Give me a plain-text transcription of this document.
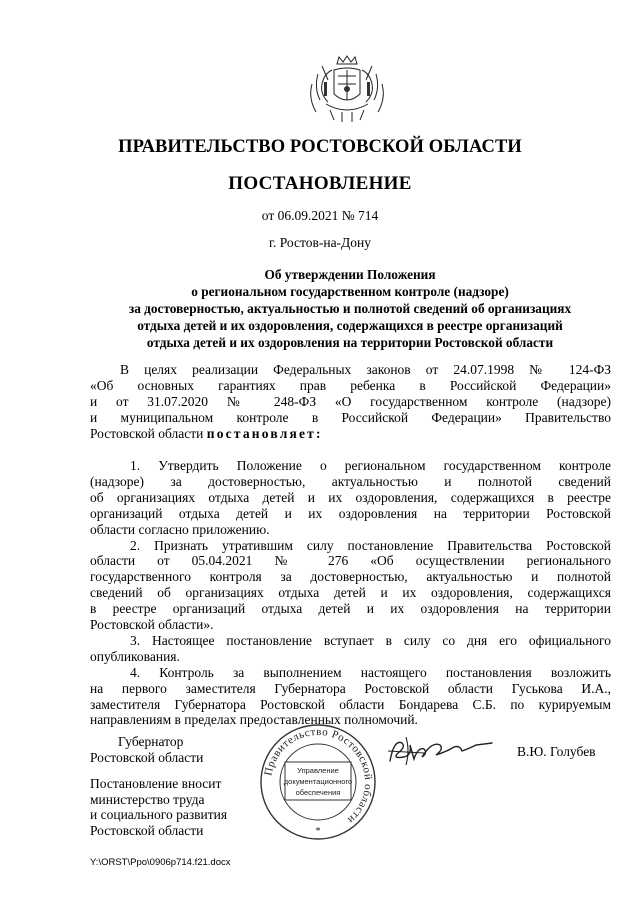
ПРАВИТЕЛЬСТВО РОСТОВСКОЙ ОБЛАСТИ
ПОСТАНОВЛЕНИЕ
от 06.09.2021 № 714
г. Ростов-на-Дону
Об утверждении Положения
о региональном государственном контроле (надзоре)
за достоверностью, актуальностью и полнотой сведений об организациях
отдыха детей и их оздоровления, содержащихся в реестре организаций
отдыха детей и их оздоровления на территории Ростовской области
В целях реализации Федеральных законов от 24.07.1998 № 124-ФЗ
«Об основных гарантиях прав ребенка в Российской Федерации»
и от 31.07.2020 № 248-ФЗ «О государственном контроле (надзоре)
и муниципальном контроле в Российской Федерации» Правительство
Ростовской области постановляет:
1. Утвердить Положение о региональном государственном контроле
(надзоре) за достоверностью, актуальностью и полнотой сведений
об организациях отдыха детей и их оздоровления, содержащихся в реестре
организаций отдыха детей и их оздоровления на территории Ростовской
области согласно приложению.
2. Признать утратившим силу постановление Правительства Ростовской
области от 05.04.2021 № 276 «Об осуществлении регионального
государственного контроля за достоверностью, актуальностью и полнотой
сведений об организациях отдыха детей и их оздоровления, содержащихся
в реестре организаций отдыха детей и их оздоровления на территории
Ростовской области».
3. Настоящее постановление вступает в силу со дня его официального
опубликования.
4. Контроль за выполнением настоящего постановления возложить
на первого заместителя Губернатора Ростовской области Гуськова И.А.,
заместителя Губернатора Ростовской области Бондарева С.Б. по курируемым
направлениям в пределах предоставленных полномочий.
Губернатор
Ростовской области
Постановление вносит
министерство труда
и социального развития
Ростовской области
Правительство Ростовской области
Управление
документационного
обеспечения
*
В.Ю. Голубев
Y:\ORST\Ppo\0906p714.f21.docx
